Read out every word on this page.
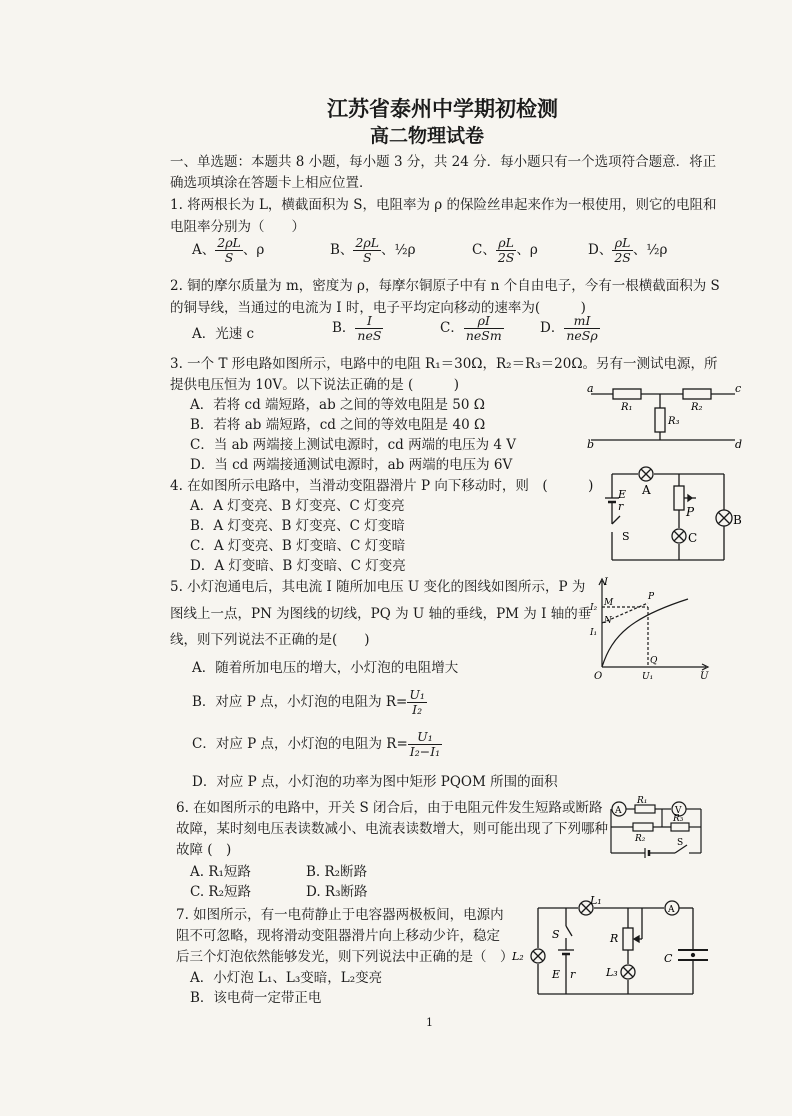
江苏省泰州中学期初检测
高二物理试卷
一、单选题：本题共 8 小题，每小题 3 分，共 24 分．每小题只有一个选项符合题意．将正
确选项填涂在答题卡上相应位置．
1. 将两根长为 L，横截面积为 S，电阻率为 ρ 的保险丝串起来作为一根使用，则它的电阻和
电阻率分别为（　　）
A、 $\frac{2\rho L}{S}$ 、ρ	B、 $\frac{2\rho L}{S}$ 、½ρ	C、 $\frac{\rho L}{2S}$ 、ρ	D、 $\frac{\rho L}{2S}$ 、½ρ
2. 铜的摩尔质量为 m，密度为 ρ，每摩尔铜原子中有 n 个自由电子，今有一根横截面积为 S
的铜导线，当通过的电流为 I 时，电子平均定向移动的速率为(　　　)
A．光速 c	B． $\frac{I}{\text{neS}}$	C． $\frac{\rho I}{\text{neSm}}$	D． $\frac{mI}{\text{neSρ}}$
3. 一个 T 形电路如图所示，电路中的电阻 R₁＝30Ω，R₂＝R₃＝20Ω。另有一测试电源，所
提供电压恒为 10V。以下说法正确的是 (　　　)
A．若将 cd 端短路，ab 之间的等效电阻是 50 Ω
B．若将 ab 端短路，cd 之间的等效电阻是 40 Ω
C．当 ab 两端接上测试电源时，cd 两端的电压为 4 V
D．当 cd 两端接通测试电源时，ab 两端的电压为 6V
a	c
R₁	R₂
R₃
b	d
4. 在如图所示电路中，当滑动变阻器滑片 P 向下移动时，则　(　　　)
A．A 灯变亮、B 灯变亮、C 灯变亮
B．A 灯变亮、B 灯变亮、C 灯变暗
C．A 灯变亮、B 灯变暗、C 灯变暗
D．A 灯变暗、B 灯变暗、C 灯变亮
E
r
S
A
P
C
B
5. 小灯泡通电后，其电流 I 随所加电压 U 变化的图线如图所示，P 为
图线上一点，PN 为图线的切线，PQ 为 U 轴的垂线，PM 为 I 轴的垂
线，则下列说法不正确的是(　　)
A．随着所加电压的增大，小灯泡的电阻增大
B．对应 P 点，小灯泡的电阻为 $R= \frac{\text{U₁}}{\text{I₂}}$
C．对应 P 点，小灯泡的电阻为 $R= \frac{\text{U₁}}{\text{I₂−I₁}}$
D．对应 P 点，小灯泡的功率为图中矩形 PQOM 所围的面积
I
U
O	U₁
I₂
I₁
M
N
P
Q
6. 在如图所示的电路中，开关 S 闭合后，由于电阻元件发生短路或断路
故障，某时刻电压表读数减小、电流表读数增大，则可能出现了下列哪种
故障 (　)
A. R₁短路	B. R₂断路
C. R₂短路	D. R₃断路
A	V
R₁
R₂
R₃
S
7. 如图所示，有一电荷静止于电容器两极板间，电源内
阻不可忽略，现将滑动变阻器滑片向上移动少许，稳定
后三个灯泡依然能够发光，则下列说法中正确的是（　）
A．小灯泡 L₁、L₃变暗，L₂变亮
B．该电荷一定带正电
L₁
L₂
L₃
S
E r
R
C
A
1
